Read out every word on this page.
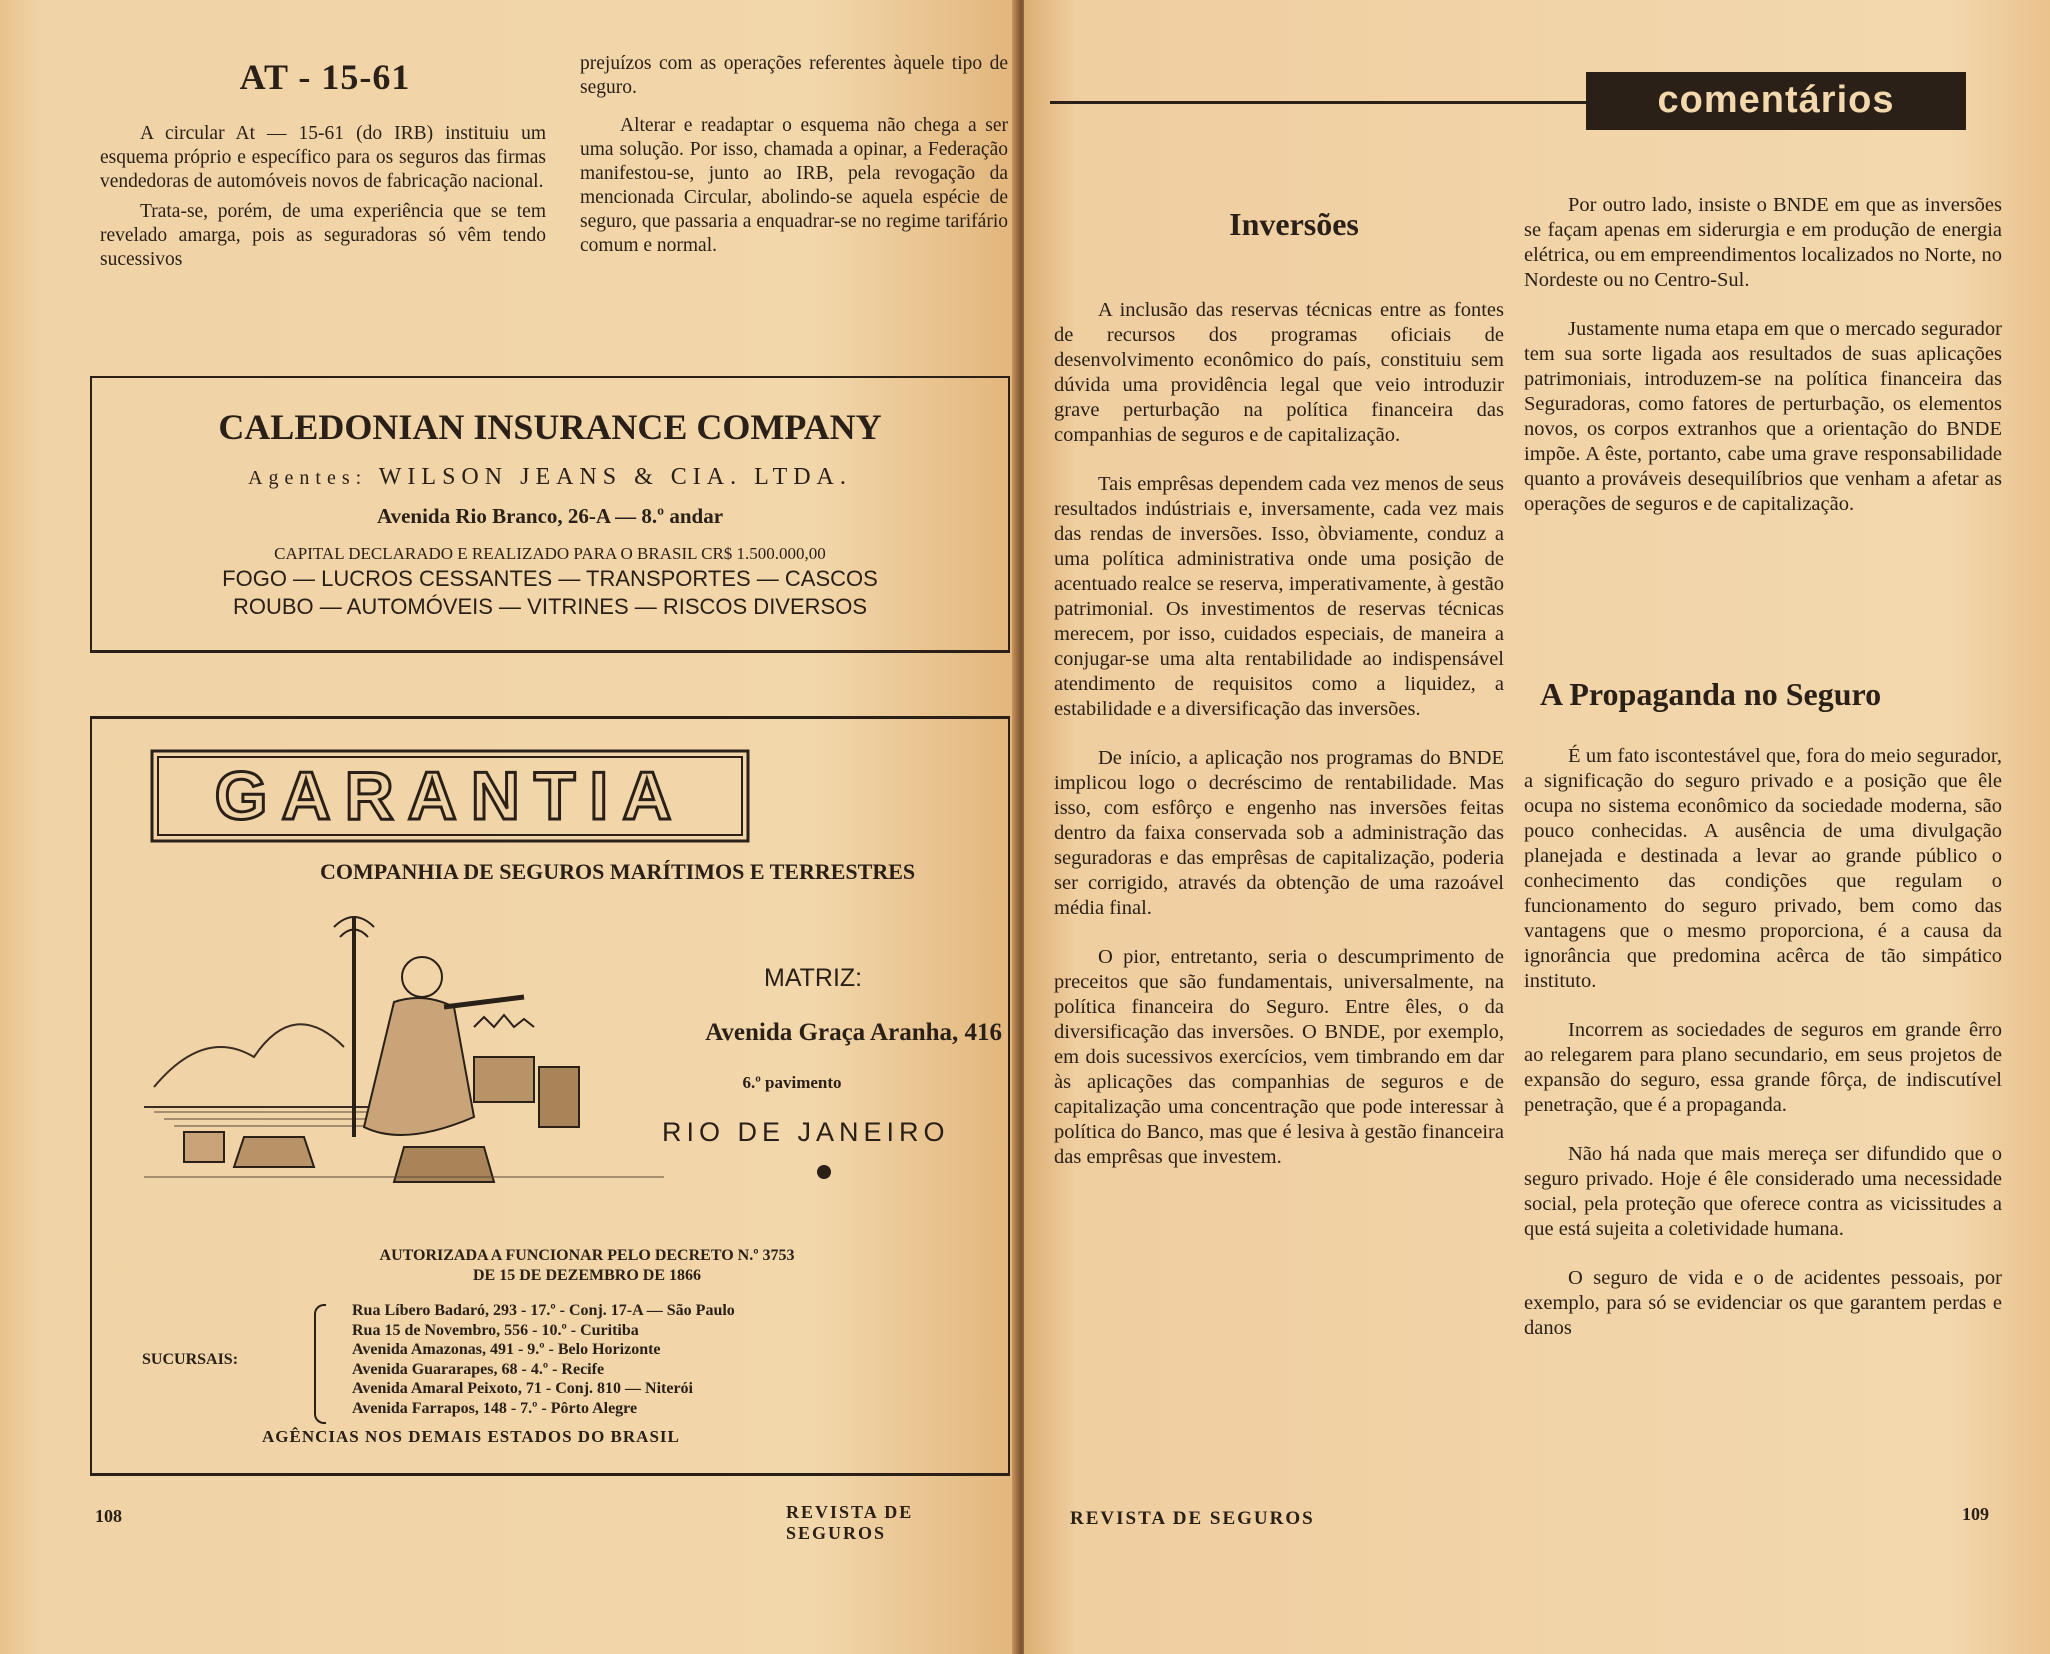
AT - 15-61

A circular At — 15-61 (do IRB) instituiu um esquema próprio e específico para os seguros das firmas vendedoras de automóveis novos de fabricação nacional.

Trata-se, porém, de uma experiência que se tem revelado amarga, pois as seguradoras só vêm tendo sucessivos

prejuízos com as operações referentes àquele tipo de seguro.

Alterar e readaptar o esquema não chega a ser uma solução. Por isso, chamada a opinar, a Federação manifestou-se, junto ao IRB, pela revogação da mencionada Circular, abolindo-se aquela espécie de seguro, que passaria a enquadrar-se no regime tarifário comum e normal.

CALEDONIAN INSURANCE COMPANY
Agentes: WILSON JEANS & CIA. LTDA.
Avenida Rio Branco, 26-A — 8.º andar
CAPITAL DECLARADO E REALIZADO PARA O BRASIL CR$ 1.500.000,00
FOGO — LUCROS CESSANTES — TRANSPORTES — CASCOS
ROUBO — AUTOMÓVEIS — VITRINES — RISCOS DIVERSOS
GARANTIA
COMPANHIA DE SEGUROS MARÍTIMOS E TERRESTRES
MATRIZ:
Avenida Graça Aranha, 416
6.º pavimento
RIO DE JANEIRO
AUTORIZADA A FUNCIONAR PELO DECRETO N.º 3753
DE 15 DE DEZEMBRO DE 1866
SUCURSAIS:
Rua Líbero Badaró, 293 - 17.º - Conj. 17-A — São Paulo
Rua 15 de Novembro, 556 - 10.º - Curitiba
Avenida Amazonas, 491 - 9.º - Belo Horizonte
Avenida Guararapes, 68 - 4.º - Recife
Avenida Amaral Peixoto, 71 - Conj. 810 — Niterói
Avenida Farrapos, 148 - 7.º - Pôrto Alegre
AGÊNCIAS NOS DEMAIS ESTADOS DO BRASIL
108	REVISTA DE SEGUROS
comentários
Inversões

A inclusão das reservas técnicas entre as fontes de recursos dos programas oficiais de desenvolvimento econômico do país, constituiu sem dúvida uma providência legal que veio introduzir grave perturbação na política financeira das companhias de seguros e de capitalização.

Tais emprêsas dependem cada vez menos de seus resultados indústriais e, inversamente, cada vez mais das rendas de inversões. Isso, òbviamente, conduz a uma política administrativa onde uma posição de acentuado realce se reserva, imperativamente, à gestão patrimonial. Os investimentos de reservas técnicas merecem, por isso, cuidados especiais, de maneira a conjugar-se uma alta rentabilidade ao indispensável atendimento de requisitos como a liquidez, a estabilidade e a diversificação das inversões.

De início, a aplicação nos programas do BNDE implicou logo o decréscimo de rentabilidade. Mas isso, com esfôrço e engenho nas inversões feitas dentro da faixa conservada sob a administração das seguradoras e das emprêsas de capitalização, poderia ser corrigido, através da obtenção de uma razoável média final.

O pior, entretanto, seria o descumprimento de preceitos que são fundamentais, universalmente, na política financeira do Seguro. Entre êles, o da diversificação das inversões. O BNDE, por exemplo, em dois sucessivos exercícios, vem timbrando em dar às aplicações das companhias de seguros e de capitalização uma concentração que pode interessar à política do Banco, mas que é lesiva à gestão financeira das emprêsas que investem.

Por outro lado, insiste o BNDE em que as inversões se façam apenas em siderurgia e em produção de energia elétrica, ou em empreendimentos localizados no Norte, no Nordeste ou no Centro-Sul.

Justamente numa etapa em que o mercado segurador tem sua sorte ligada aos resultados de suas aplicações patrimoniais, introduzem-se na política financeira das Seguradoras, como fatores de perturbação, os elementos novos, os corpos extranhos que a orientação do BNDE impõe. A êste, portanto, cabe uma grave responsabilidade quanto a prováveis desequilíbrios que venham a afetar as operações de seguros e de capitalização.

A Propaganda no Seguro

É um fato iscontestável que, fora do meio segurador, a significação do seguro privado e a posição que êle ocupa no sistema econômico da sociedade moderna, são pouco conhecidas. A ausência de uma divulgação planejada e destinada a levar ao grande público o conhecimento das condições que regulam o funcionamento do seguro privado, bem como das vantagens que o mesmo proporciona, é a causa da ignorância que predomina acêrca de tão simpático instituto.

Incorrem as sociedades de seguros em grande êrro ao relegarem para plano secundario, em seus projetos de expansão do seguro, essa grande fôrça, de indiscutível penetração, que é a propaganda.

Não há nada que mais mereça ser difundido que o seguro privado. Hoje é êle considerado uma necessidade social, pela proteção que oferece contra as vicissitudes a que está sujeita a coletividade humana.

O seguro de vida e o de acidentes pessoais, por exemplo, para só se evidenciar os que garantem perdas e danos

REVISTA DE SEGUROS	109
